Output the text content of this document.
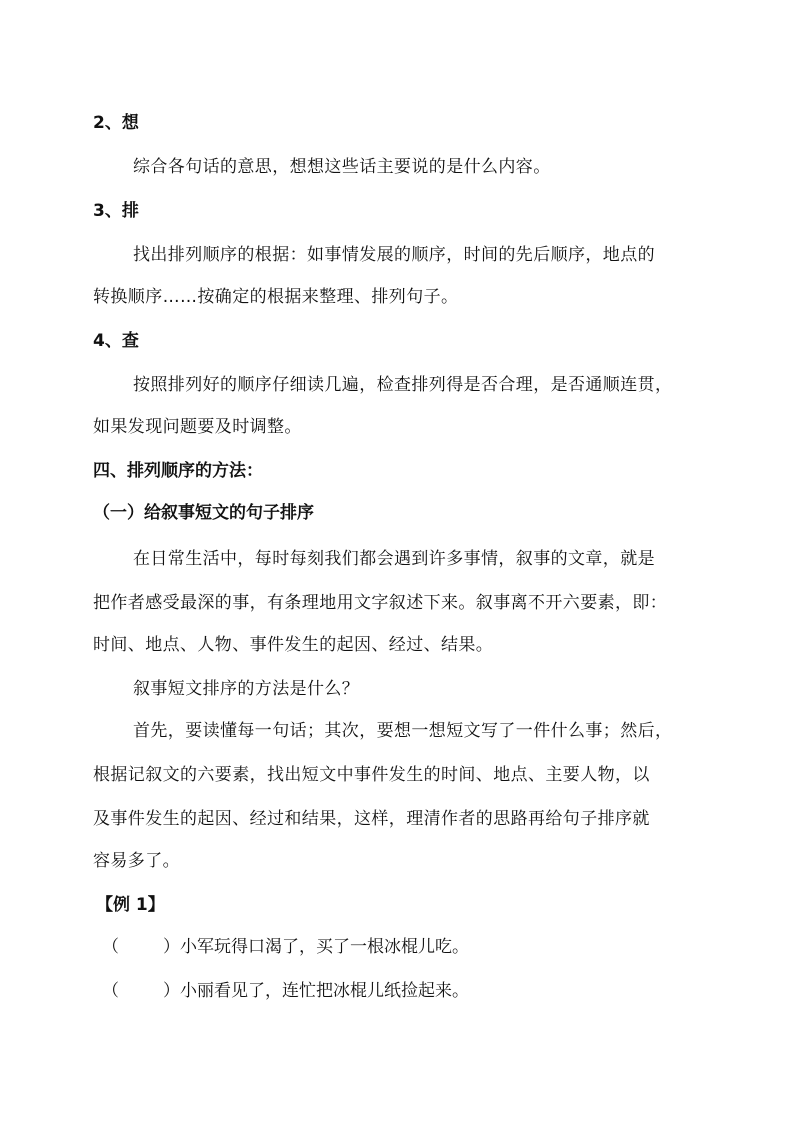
2、想

综合各句话的意思，想想这些话主要说的是什么内容。

3、排

找出排列顺序的根据：如事情发展的顺序，时间的先后顺序，地点的

转换顺序……按确定的根据来整理、排列句子。

4、查

按照排列好的顺序仔细读几遍，检查排列得是否合理，是否通顺连贯，

如果发现问题要及时调整。

四、排列顺序的方法：

（一）给叙事短文的句子排序

在日常生活中，每时每刻我们都会遇到许多事情，叙事的文章，就是

把作者感受最深的事，有条理地用文字叙述下来。叙事离不开六要素，即：

时间、地点、人物、事件发生的起因、经过、结果。

叙事短文排序的方法是什么？

首先，要读懂每一句话；其次，要想一想短文写了一件什么事；然后，

根据记叙文的六要素，找出短文中事件发生的时间、地点、主要人物，以

及事件发生的起因、经过和结果，这样，理清作者的思路再给句子排序就

容易多了。

【例 1】

（	）小军玩得口渴了，买了一根冰棍儿吃。

（	）小丽看见了，连忙把冰棍儿纸捡起来。
